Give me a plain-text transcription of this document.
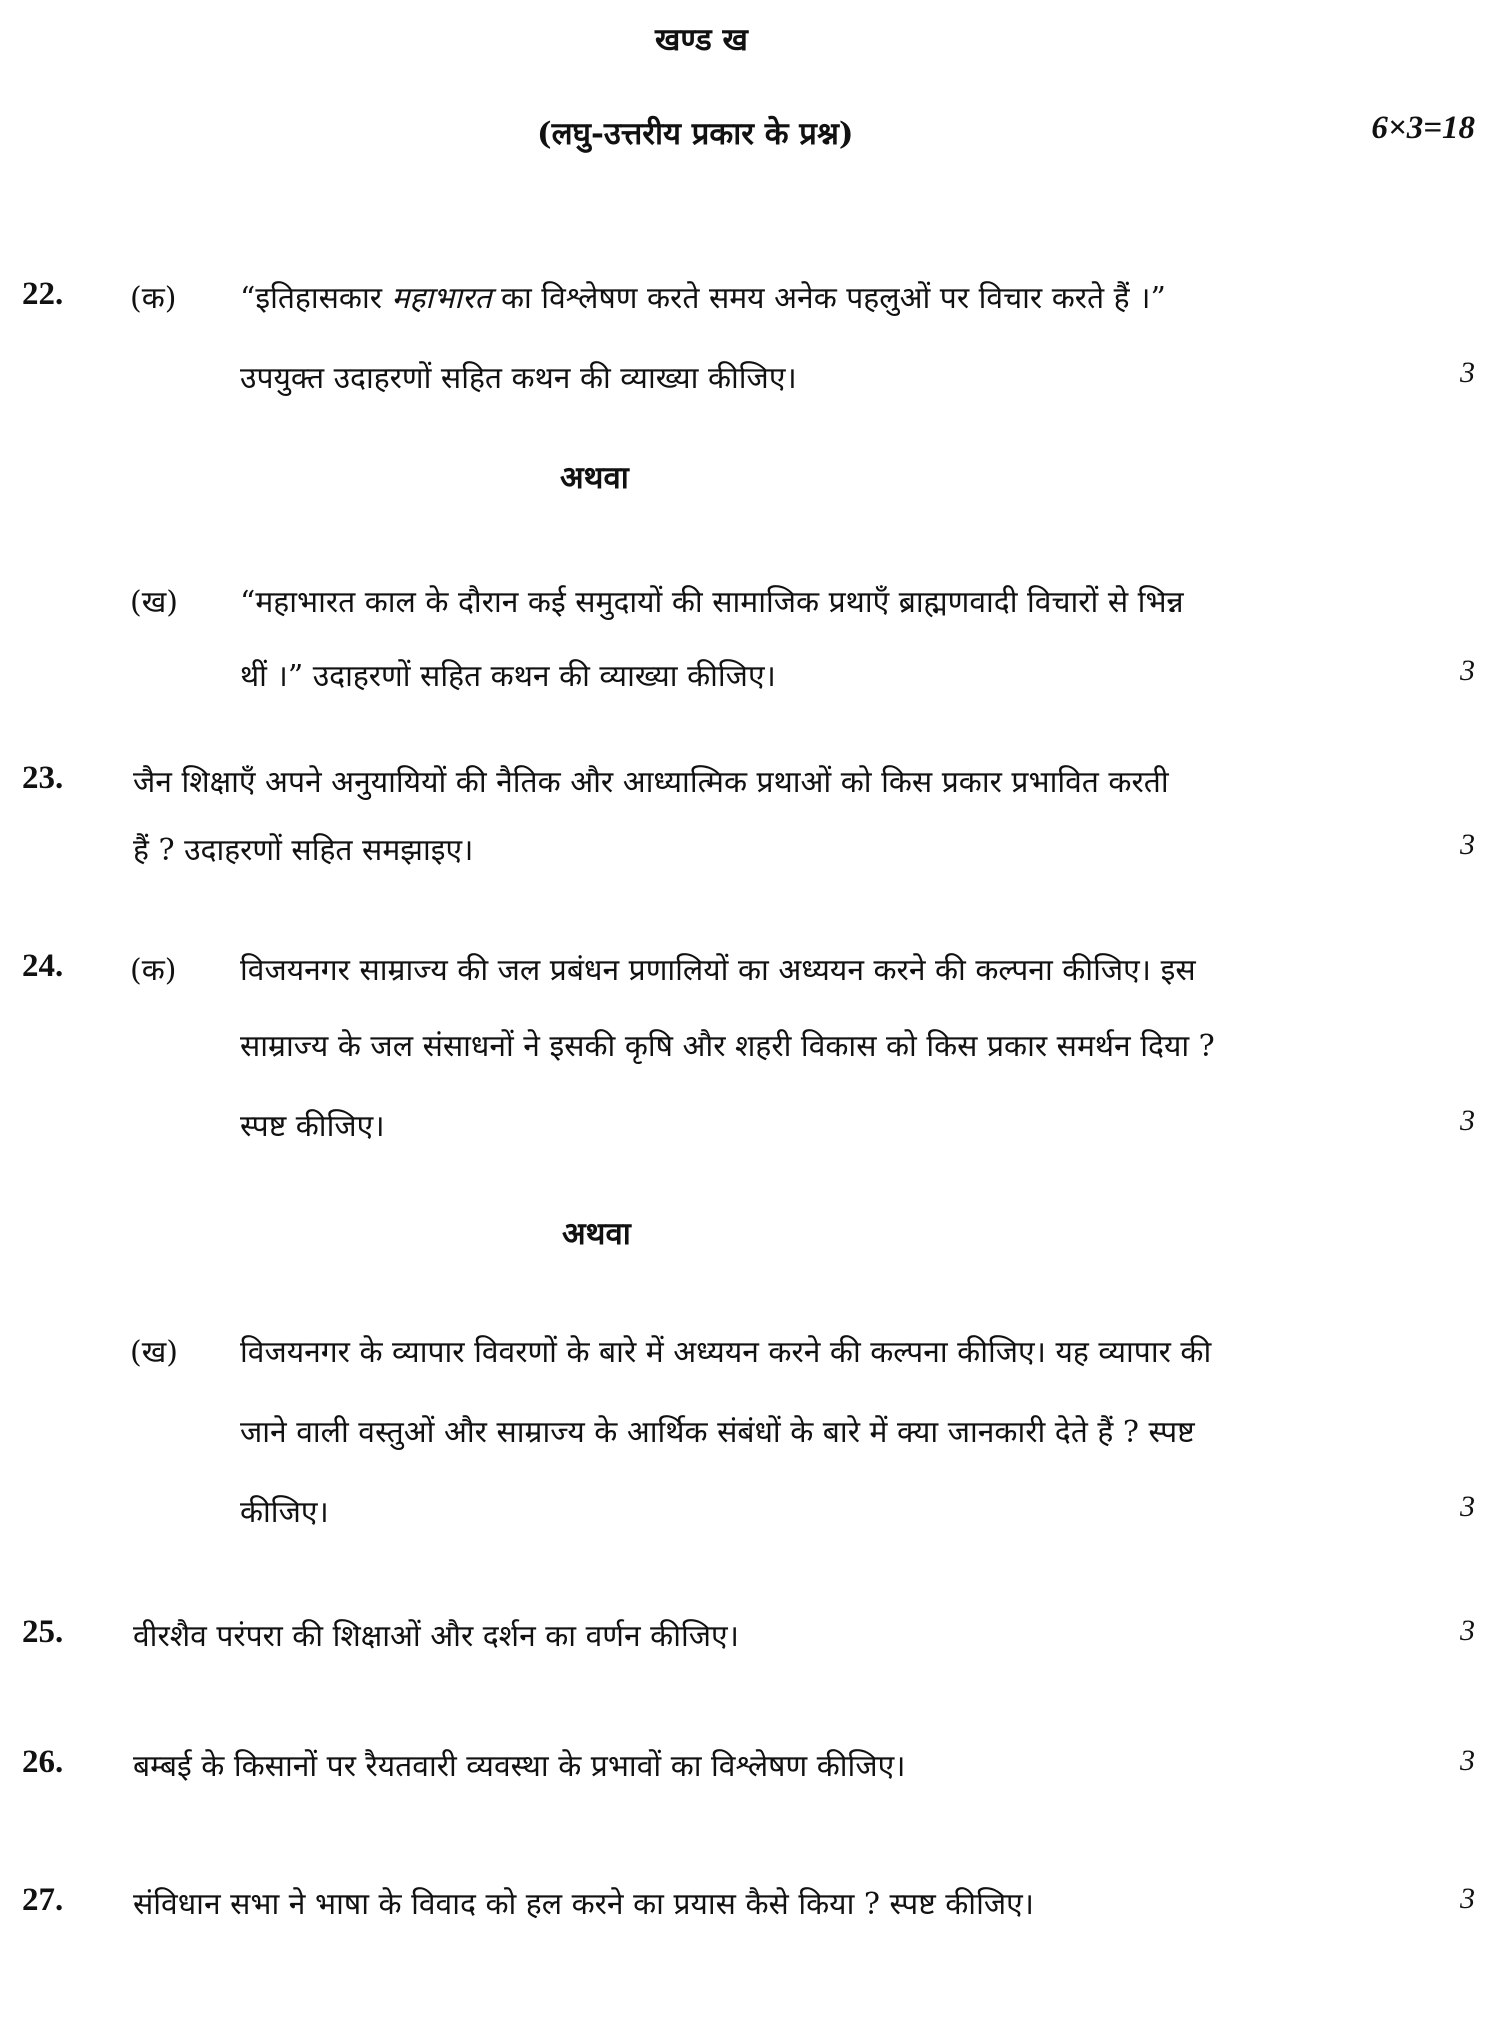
खण्ड ख
(लघु-उत्तरीय प्रकार के प्रश्न)	6×3=18
22. (क) “इतिहासकार महाभारत का विश्लेषण करते समय अनेक पहलुओं पर विचार करते हैं ।”
उपयुक्त उदाहरणों सहित कथन की व्याख्या कीजिए।	3
अथवा
(ख) “महाभारत काल के दौरान कई समुदायों की सामाजिक प्रथाएँ ब्राह्मणवादी विचारों से भिन्न
थीं ।” उदाहरणों सहित कथन की व्याख्या कीजिए।	3
23. जैन शिक्षाएँ अपने अनुयायियों की नैतिक और आध्यात्मिक प्रथाओं को किस प्रकार प्रभावित करती
हैं ? उदाहरणों सहित समझाइए।	3
24. (क) विजयनगर साम्राज्य की जल प्रबंधन प्रणालियों का अध्ययन करने की कल्पना कीजिए। इस
साम्राज्य के जल संसाधनों ने इसकी कृषि और शहरी विकास को किस प्रकार समर्थन दिया ?
स्पष्ट कीजिए।	3
अथवा
(ख) विजयनगर के व्यापार विवरणों के बारे में अध्ययन करने की कल्पना कीजिए। यह व्यापार की
जाने वाली वस्तुओं और साम्राज्य के आर्थिक संबंधों के बारे में क्या जानकारी देते हैं ? स्पष्ट
कीजिए।	3
25. वीरशैव परंपरा की शिक्षाओं और दर्शन का वर्णन कीजिए।	3
26. बम्बई के किसानों पर रैयतवारी व्यवस्था के प्रभावों का विश्लेषण कीजिए।	3
27. संविधान सभा ने भाषा के विवाद को हल करने का प्रयास कैसे किया ? स्पष्ट कीजिए।	3
